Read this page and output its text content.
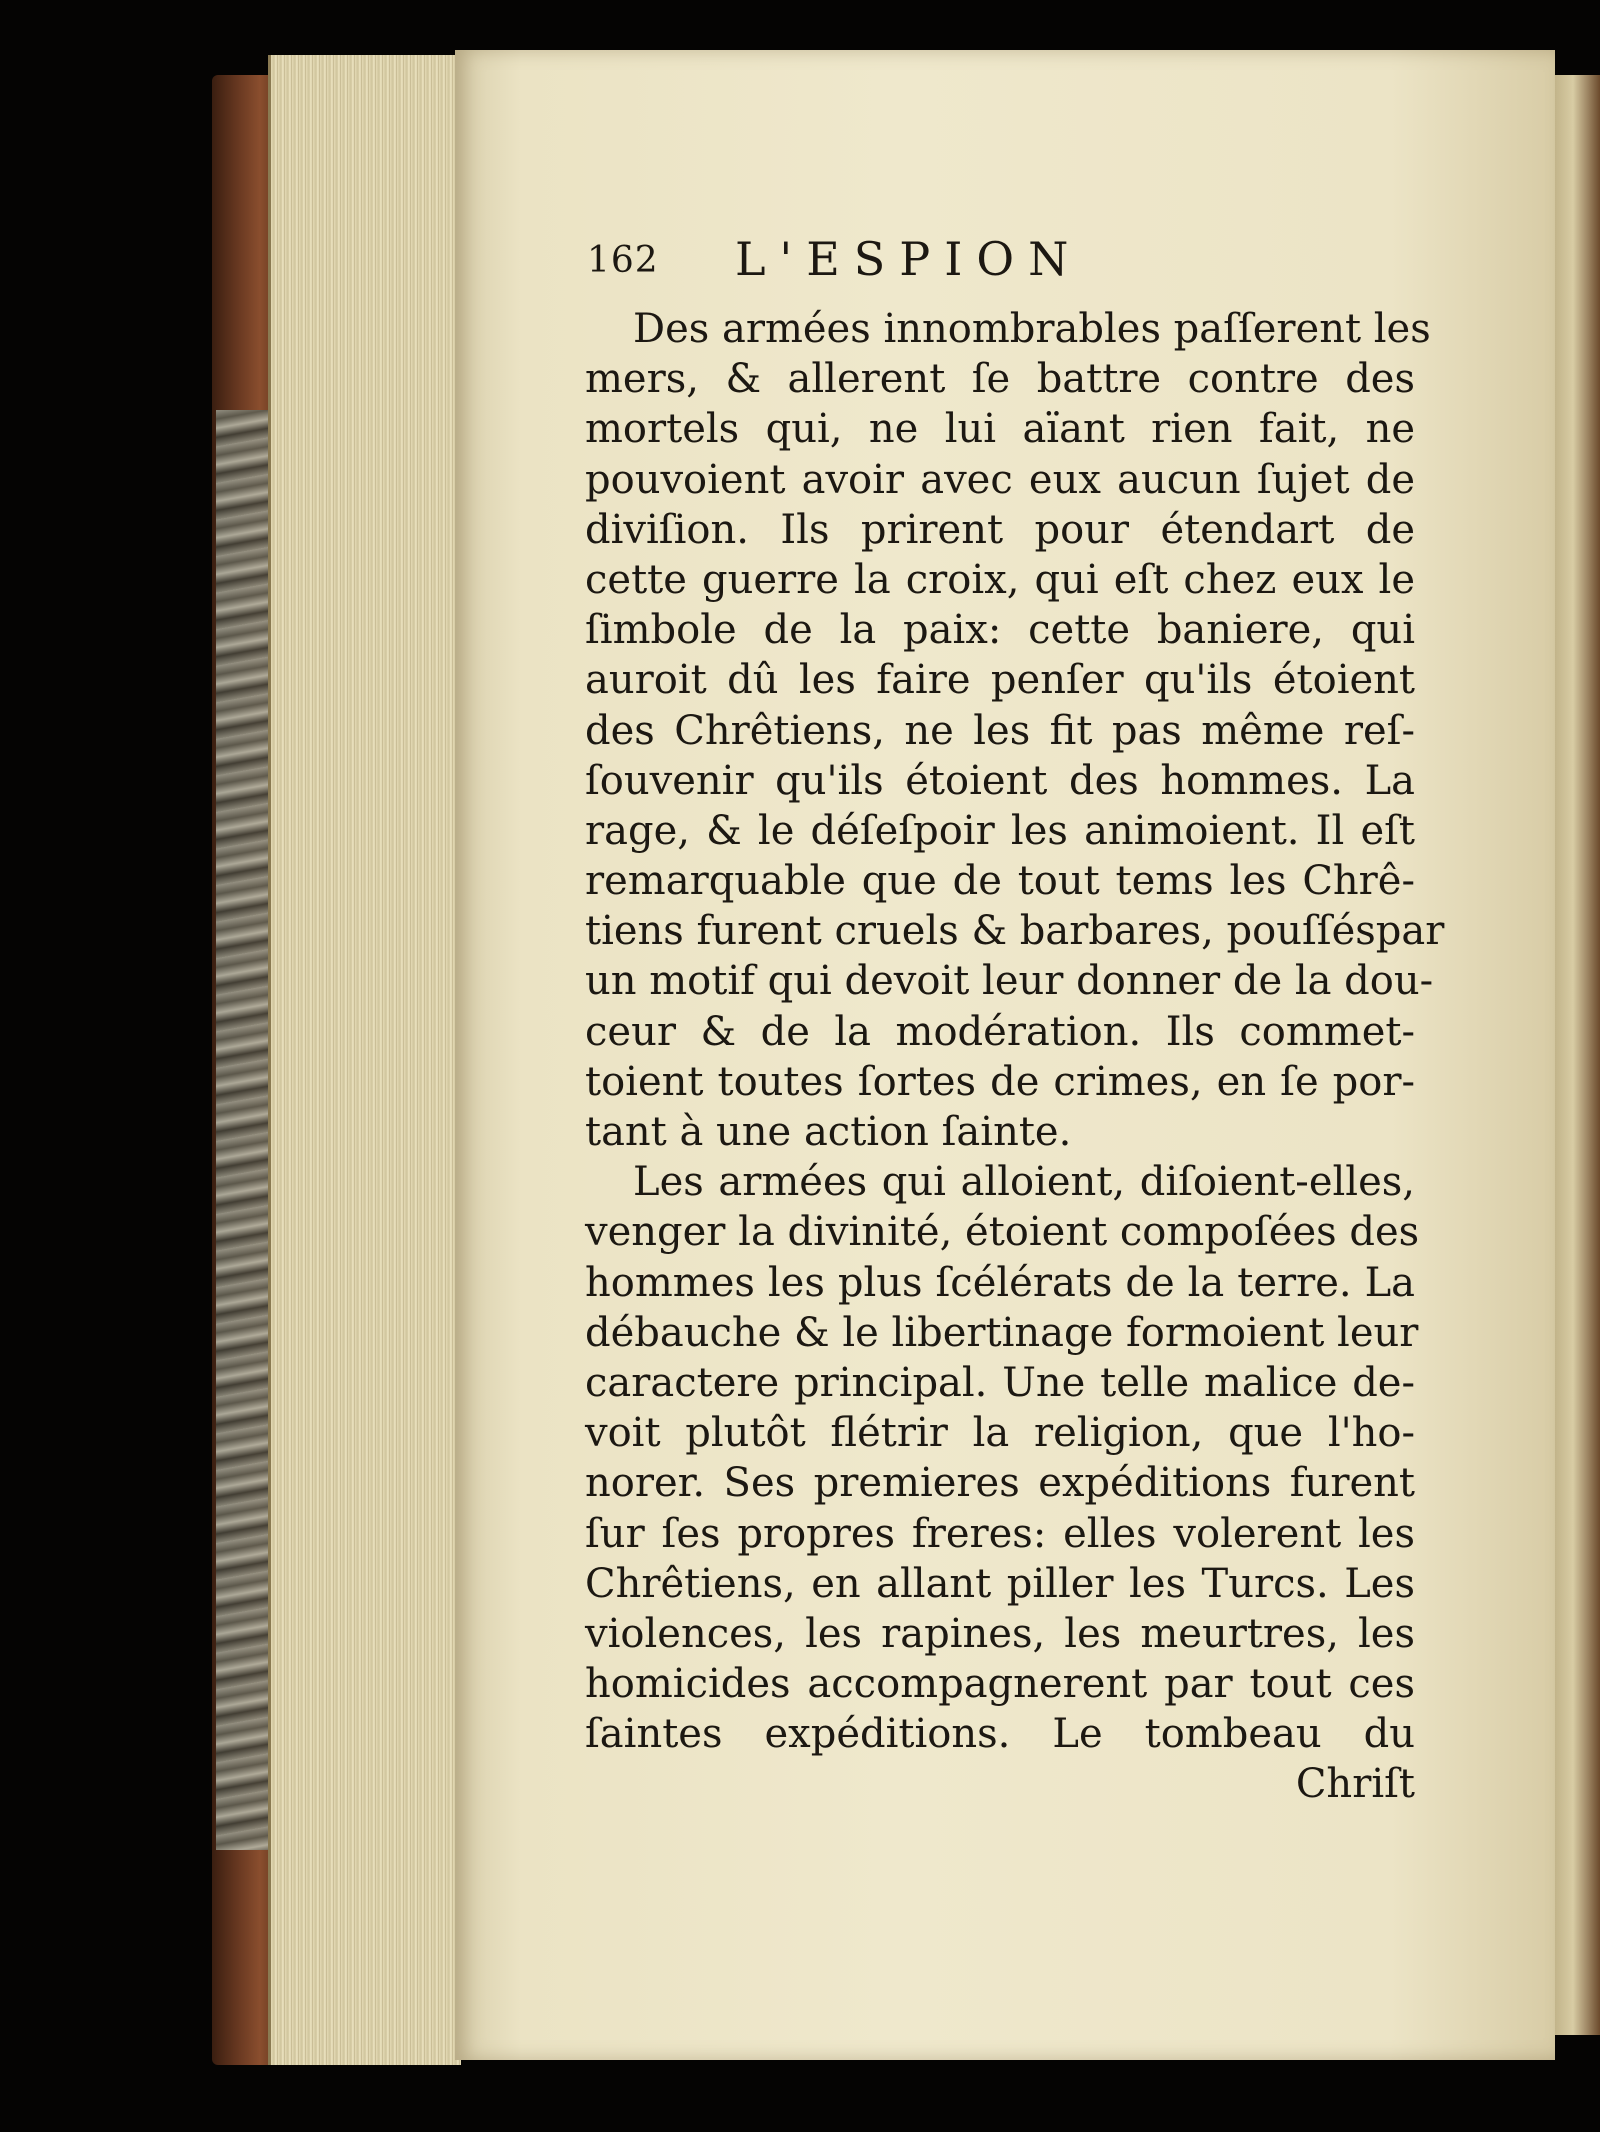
162 L'ESPION
Des armées innombrables paſſerent les
mers, & allerent ſe battre contre des
mortels qui, ne lui aïant rien fait, ne
pouvoient avoir avec eux aucun ſujet de
diviſion. Ils prirent pour étendart de
cette guerre la croix, qui eſt chez eux le
ſimbole de la paix: cette baniere, qui
auroit dû les faire penſer qu'ils étoient
des Chrêtiens, ne les fit pas même reſ-
ſouvenir qu'ils étoient des hommes. La
rage, & le déſeſpoir les animoient. Il eſt
remarquable que de tout tems les Chrê-
tiens furent cruels & barbares, pouſſéspar
un motif qui devoit leur donner de la dou-
ceur & de la modération. Ils commet-
toient toutes ſortes de crimes, en ſe por-
tant à une action ſainte.
Les armées qui alloient, diſoient-elles,
venger la divinité, étoient compoſées des
hommes les plus ſcélérats de la terre. La
débauche & le libertinage formoient leur
caractere principal. Une telle malice de-
voit plutôt flétrir la religion, que l'ho-
norer. Ses premieres expéditions furent
ſur ſes propres freres: elles volerent les
Chrêtiens, en allant piller les Turcs. Les
violences, les rapines, les meurtres, les
homicides accompagnerent par tout ces
ſaintes expéditions. Le tombeau du
Chriſt
